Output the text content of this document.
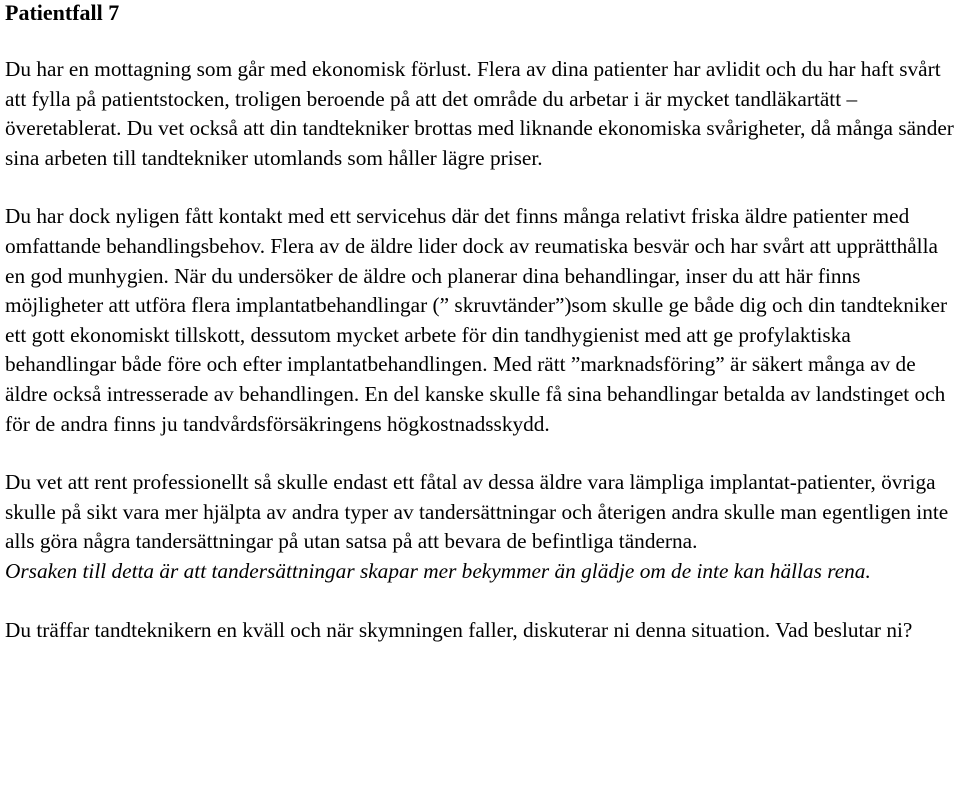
Patientfall 7

Du har en mottagning som går med ekonomisk förlust. Flera av dina patienter har avlidit och du har haft svårt att fylla på patientstocken, troligen beroende på att det område du arbetar i är mycket tandläkartätt – överetablerat. Du vet också att din tandtekniker brottas med liknande ekonomiska svårigheter, då många sänder sina arbeten till tandtekniker utomlands som håller lägre priser.

Du har dock nyligen fått kontakt med ett servicehus där det finns många relativt friska äldre patienter med omfattande behandlingsbehov. Flera av de äldre lider dock av reumatiska besvär och har svårt att upprätthålla en god munhygien. När du undersöker de äldre och planerar dina behandlingar, inser du att här finns möjligheter att utföra flera implantatbehandlingar (” skruvtänder”)som skulle ge både dig och din tandtekniker ett gott ekonomiskt tillskott, dessutom mycket arbete för din tandhygienist med att ge profylaktiska behandlingar både före och efter implantatbehandlingen. Med rätt ”marknadsföring” är säkert många av de äldre också intresserade av behandlingen. En del kanske skulle få sina behandlingar betalda av landstinget och för de andra finns ju tandvårdsförsäkringens högkostnadsskydd.

Du vet att rent professionellt så skulle endast ett fåtal av dessa äldre vara lämpliga implantat-patienter, övriga skulle på sikt vara mer hjälpta av andra typer av tandersättningar och återigen andra skulle man egentligen inte alls göra några tandersättningar på utan satsa på att bevara de befintliga tänderna.

Orsaken till detta är att tandersättningar skapar mer bekymmer än glädje om de inte kan hällas rena.

Du träffar tandteknikern en kväll och när skymningen faller, diskuterar ni denna situation. Vad beslutar ni?
